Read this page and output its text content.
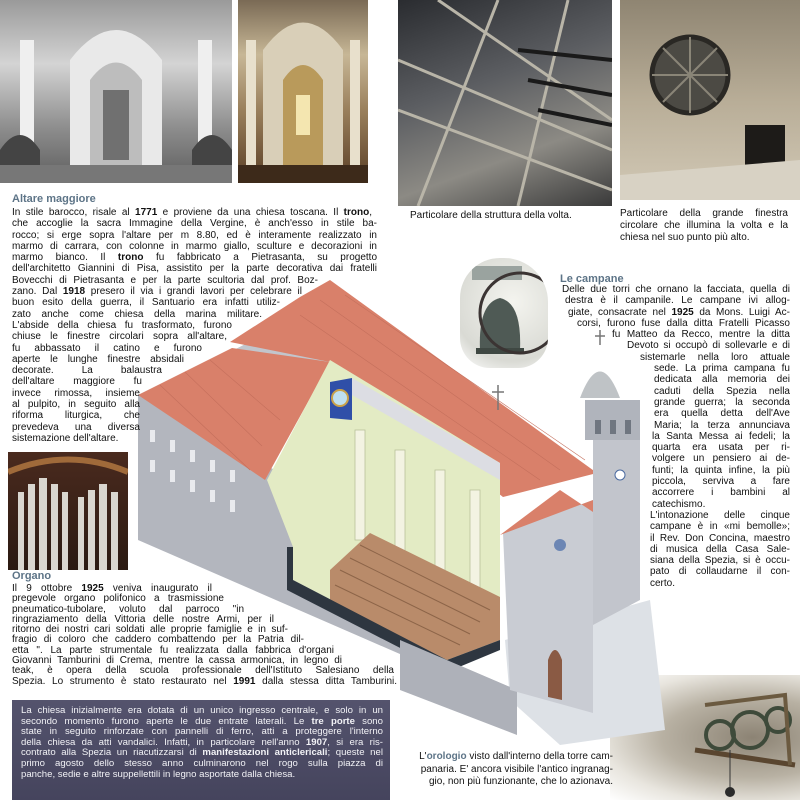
Altare maggiore
In stile barocco, risale al 1771 e proviene da una chiesa toscana. Il trono,
che accoglie la sacra Immagine della Vergine, è anch'esso in stile ba-
rocco; si erge sopra l'altare per m 8.80, ed è interamente realizzato in
marmo di carrara, con colonne in marmo giallo, sculture e decorazioni in
marmo bianco. Il trono fu fabbricato a Pietrasanta, su progetto
dell'architetto Giannini di Pisa, assistito per la parte decorativa dai fratelli
Bovecchi di Pietrasanta e per la parte scultoria dal prof. Boz-
zano. Dal 1918 presero il via i grandi lavori per celebrare il
buon esito della guerra, il Santuario era infatti utiliz-
zato anche come chiesa della marina militare.
L'abside della chiesa fu trasformato, furono
chiuse le finestre circolari sopra all'altare,
fu abbassato il catino e furono
aperte le lunghe finestre absidali
decorate. La balaustra
dell'altare maggiore fu
invece rimossa, insieme
al pulpito, in seguito alla
riforma liturgica, che
prevedeva una diversa
sistemazione dell'altare.
Organo
Il 9 ottobre 1925 veniva inaugurato il
pregevole organo polifonico a trasmissione
pneumatico-tubolare, voluto dal parroco "in
ringraziamento della Vittoria delle nostre Armi, per il
ritorno dei nostri cari soldati alle proprie famiglie e in suf-
fragio di coloro che caddero combattendo per la Patria dil-
etta ". La parte strumentale fu realizzata dalla fabbrica d'organi
Giovanni Tamburini di Crema, mentre la cassa armonica, in legno di
teak, è opera della scuola professionale dell'Istituto Salesiano della
Spezia. Lo strumento è stato restaurato nel 1991 dalla stessa ditta Tamburini.
La chiesa inizialmente era dotata di un unico ingresso centrale, e solo in un
secondo momento furono aperte le due entrate laterali. Le tre porte sono
state in seguito rinforzate con pannelli di ferro, atti a proteggere l'interno
della chiesa da atti vandalici. Infatti, in particolare nell'anno 1907, si era ris-
contrato alla Spezia un riacutizzarsi di manifestazioni anticlericali; queste nel
primo agosto dello stesso anno culminarono nel rogo sulla piazza di
panche, sedie e altre suppellettili in legno asportate dalla chiesa.
Le campane
Delle due torri che ornano la facciata, quella di
destra è il campanile. Le campane ivi allog-
giate, consacrate nel 1925 da Mons. Luigi Ac-
corsi, furono fuse dalla ditta Fratelli Picasso
fu Matteo da Recco, mentre la ditta
Devoto si occupò di sollevarle e di
sistemarle nella loro attuale
sede. La prima campana fu
dedicata alla memoria dei
caduti della Spezia nella
grande guerra; la seconda
era quella detta dell'Ave
Maria; la terza annunciava
la Santa Messa ai fedeli; la
quarta era usata per ri-
volgere un pensiero ai de-
funti; la quinta infine, la più
piccola, serviva a fare
accorrere i bambini al
catechismo.
L'intonazione delle cinque
campane è in «mi bemolle»;
il Rev. Don Concina, maestro
di musica della Casa Sale-
siana della Spezia, si è occu-
pato di collaudarne il con-
certo.
Particolare della struttura della volta.	Particolare della grande finestra
circolare che illumina la volta e la
chiesa nel suo punto più alto.
L'orologio visto dall'interno della torre cam-
panaria. E' ancora visibile l'antico ingranag-
gio, non più funzionante, che lo azionava.
